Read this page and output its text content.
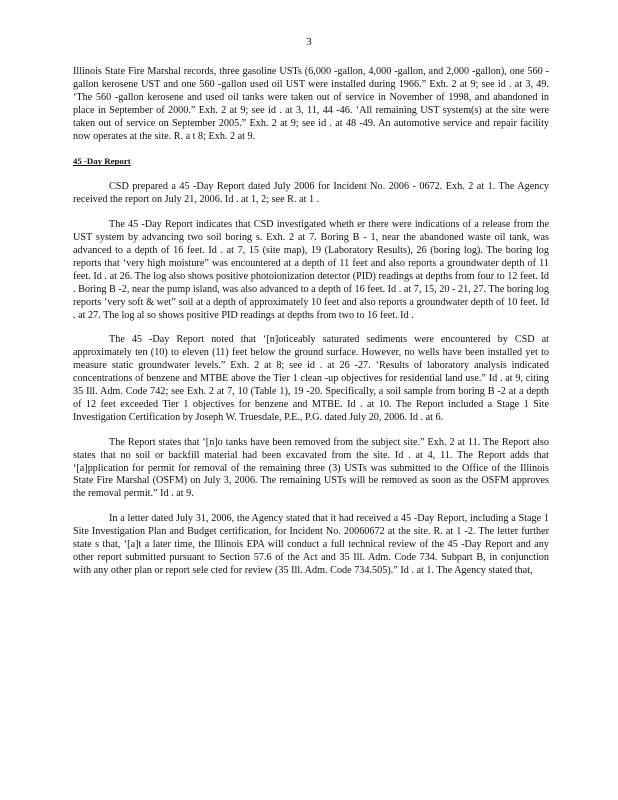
3

Illinois State Fire Marshal records, three gasoline USTs (6,000 -gallon, 4,000 -gallon, and 2,000 -gallon), one 560 -gallon kerosene UST and one 560 -gallon used oil UST were installed during 1966.” Exh. 2 at 9; see id . at 3, 49. ‘The 560 -gallon kerosene and used oil tanks were taken out of service in November of 1998, and abandoned in place in September of 2000.” Exh. 2 at 9; see id . at 3, 11, 44 -46. ‘All remaining UST system(s) at the site were taken out of service on September 2005.” Exh. 2 at 9; see id . at 48 -49. An automotive service and repair facility now operates at the site. R. a t 8; Exh. 2 at 9.

45 -Day Report

CSD prepared a 45 -Day Report dated July 2006 for Incident No. 2006 - 0672. Exh. 2 at 1. The Agency received the report on July 21, 2006. Id . at 1, 2; see R. at 1 .

The 45 -Day Report indicates that CSD investigated wheth er there were indications of a release from the UST system by advancing two soil boring s. Exh. 2 at 7. Boring B - 1, near the abandoned waste oil tank, was advanced to a depth of 16 feet. Id . at 7, 15 (site map), 19 (Laboratory Results), 26 (boring log). The boring log reports that ‘very high moisture” was encountered at a depth of 11 feet and also reports a groundwater depth of 11 feet. Id . at 26. The log also shows positive photoionization detector (PID) readings at depths from four to 12 feet. Id . Boring B -2, near the pump island, was also advanced to a depth of 16 feet. Id . at 7, 15, 20 - 21, 27. The boring log reports ‘very soft & wet” soil at a depth of approximately 10 feet and also reports a groundwater depth of 10 feet. Id . at 27. The log al so shows positive PID readings at depths from two to 16 feet. Id .

The 45 -Day Report noted that ‘[n]oticeably saturated sediments were encountered by CSD at approximately ten (10) to eleven (11) feet below the ground surface. However, no wells have been installed yet to measure static groundwater levels.” Exh. 2 at 8; see id . at 26 -27. ‘Results of laboratory analysis indicated concentrations of benzene and MTBE above the Tier 1 clean -up objectives for residential land use.” Id . at 9, citing 35 Ill. Adm. Code 742; see Exh. 2 at 7, 10 (Table 1), 19 -20. Specifically, a soil sample from boring B -2 at a depth of 12 feet exceeded Tier 1 objectives for benzene and MTBE. Id . at 10. The Report included a Stage 1 Site Investigation Certification by Joseph W. Truesdale, P.E., P.G. dated July 20, 2006. Id . at 6.

The Report states that ‘[n]o tanks have been removed from the subject site.” Exh. 2 at 11. The Report also states that no soil or backfill material had been excavated from the site. Id . at 4, 11. The Report adds that ‘[a]pplication for permit for removal of the remaining three (3) USTs was submitted to the Office of the Illinois State Fire Marshal (OSFM) on July 3, 2006. The remaining USTs will be removed as soon as the OSFM approves the removal permit.” Id . at 9.

In a letter dated July 31, 2006, the Agency stated that it had received a 45 -Day Report, including a Stage 1 Site Investigation Plan and Budget certification, for Incident No. 20060672 at the site. R. at 1 -2. The letter further state s that, ‘[a]t a later time, the Illinois EPA will conduct a full technical review of the 45 -Day Report and any other report submitted pursuant to Section 57.6 of the Act and 35 Ill. Adm. Code 734. Subpart B, in conjunction with any other plan or report sele cted for review (35 Ill. Adm. Code 734.505).” Id . at 1. The Agency stated that,
